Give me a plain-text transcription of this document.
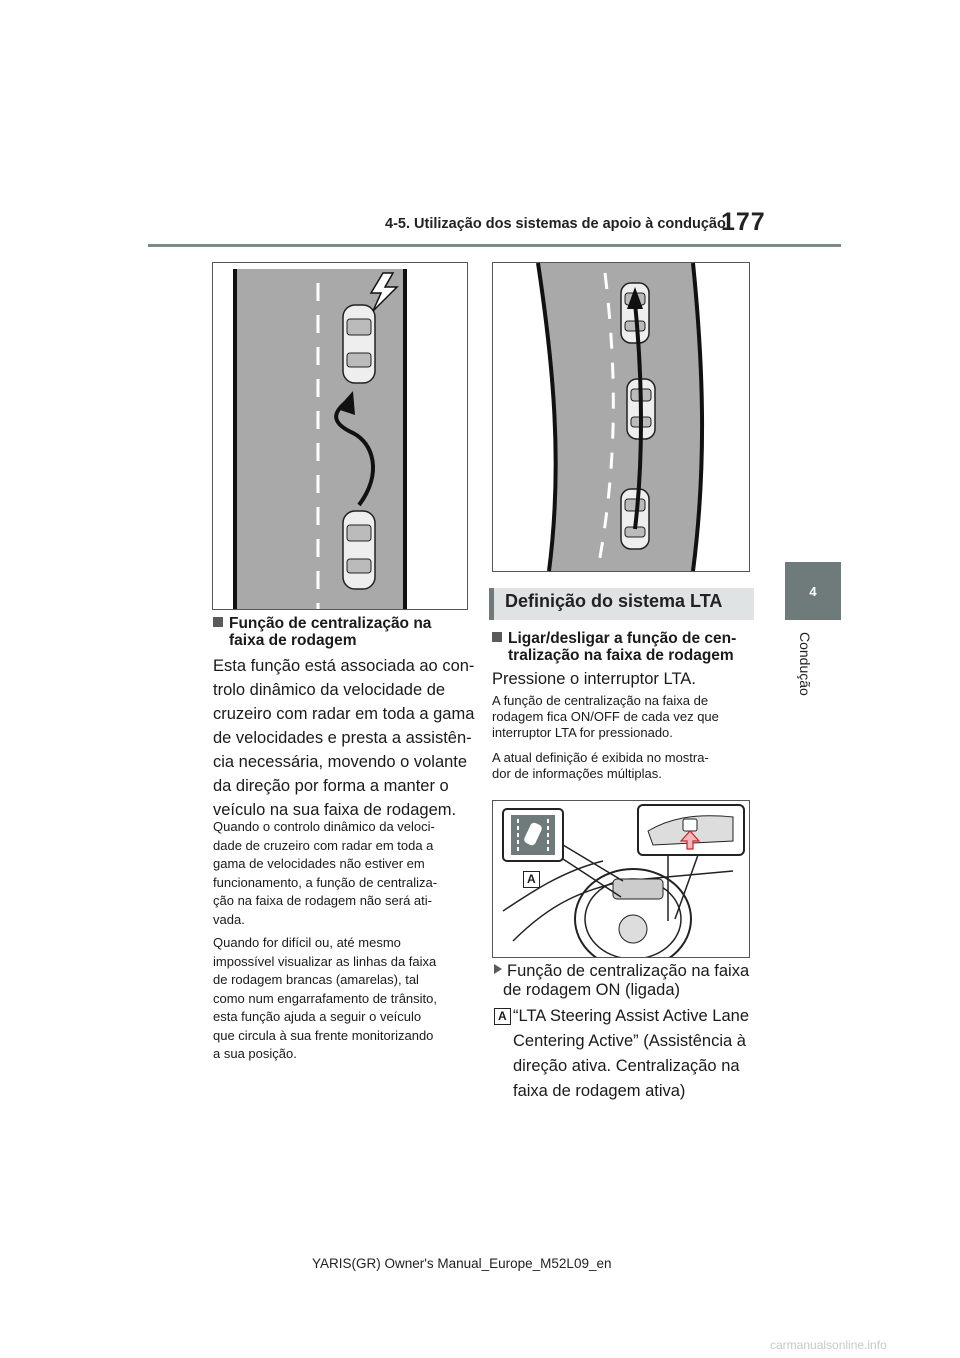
4-5. Utilização dos sistemas de apoio à condução
177
4
Condução
Função de centralização na
faixa de rodagem
Esta função está associada ao con-
trolo dinâmico da velocidade de
cruzeiro com radar em toda a gama
de velocidades e presta a assistên-
cia necessária, movendo o volante
da direção por forma a manter o
veículo na sua faixa de rodagem.
Quando o controlo dinâmico da veloci-
dade de cruzeiro com radar em toda a
gama de velocidades não estiver em
funcionamento, a função de centraliza-
ção na faixa de rodagem não será ati-
vada.
Quando for difícil ou, até mesmo
impossível visualizar as linhas da faixa
de rodagem brancas (amarelas), tal
como num engarrafamento de trânsito,
esta função ajuda a seguir o veículo
que circula à sua frente monitorizando
a sua posição.
Definição do sistema LTA
Ligar/desligar a função de cen-
tralização na faixa de rodagem
Pressione o interruptor LTA.
A função de centralização na faixa de
rodagem fica ON/OFF de cada vez que
interruptor LTA for pressionado.
A atual definição é exibida no mostra-
dor de informações múltiplas.
A
Função de centralização na faixa
de rodagem ON (ligada)
A “LTA Steering Assist Active Lane
Centering Active” (Assistência à
direção ativa. Centralização na
faixa de rodagem ativa)
YARIS(GR) Owner's Manual_Europe_M52L09_en
carmanualsonline.info
